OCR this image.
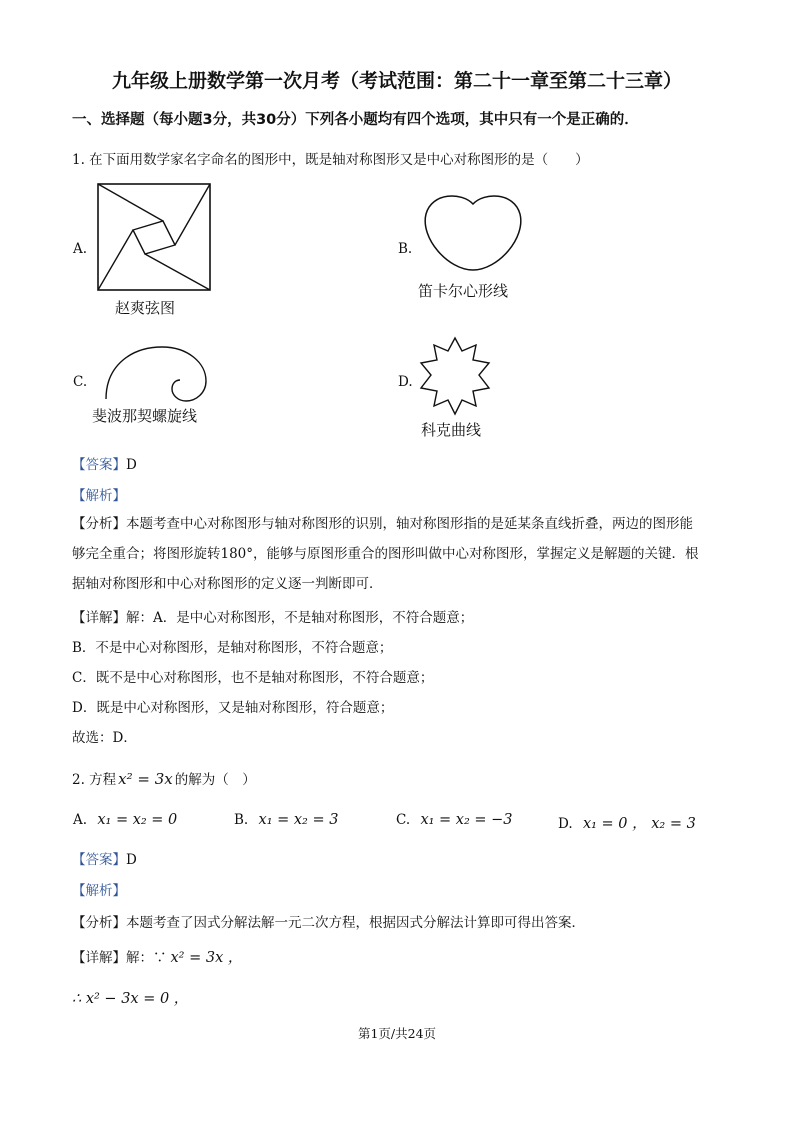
九年级上册数学第一次月考（考试范围：第二十一章至第二十三章）
一、选择题（每小题3分，共30分）下列各小题均有四个选项，其中只有一个是正确的．
1. 在下面用数学家名字命名的图形中，既是轴对称图形又是中心对称图形的是（　　）
A.
赵爽弦图
B.
笛卡尔心形线
C.
斐波那契螺旋线
D.
科克曲线
【答案】D
【解析】
【分析】本题考查中心对称图形与轴对称图形的识别，轴对称图形指的是延某条直线折叠，两边的图形能
够完全重合；将图形旋转180°，能够与原图形重合的图形叫做中心对称图形，掌握定义是解题的关键．根
据轴对称图形和中心对称图形的定义逐一判断即可．
【详解】解：A．是中心对称图形，不是轴对称图形，不符合题意；
B．不是中心对称图形，是轴对称图形，不符合题意；
C．既不是中心对称图形，也不是轴对称图形，不符合题意；
D．既是中心对称图形，又是轴对称图形，符合题意；
故选：D．
2. 方程 x² = 3x 的解为（　）
A. x₁ = x₂ = 0	B. x₁ = x₂ = 3	C. x₁ = x₂ = −3	D. x₁ = 0 ， x₂ = 3
【答案】D
【解析】
【分析】本题考查了因式分解法解一元二次方程，根据因式分解法计算即可得出答案．
【详解】解：∵ x² = 3x ，
∴ x² − 3x = 0 ，
第1页/共24页
